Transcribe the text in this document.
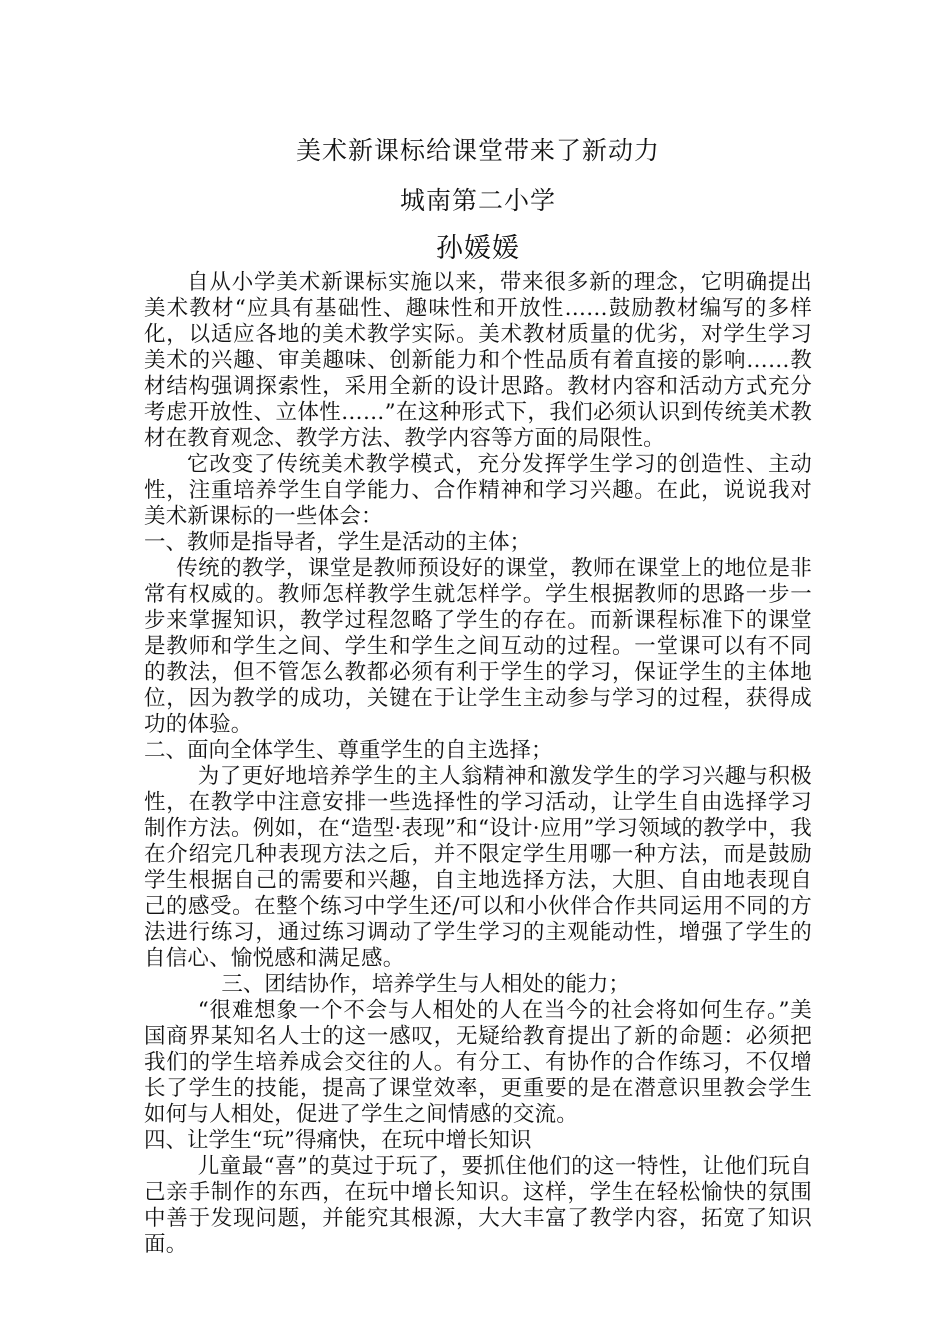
美术新课标给课堂带来了新动力
城南第二小学
孙媛媛

自从小学美术新课标实施以来，带来很多新的理念，它明确提出美术教材“应具有基础性、趣味性和开放性……鼓励教材编写的多样化，以适应各地的美术教学实际。美术教材质量的优劣，对学生学习美术的兴趣、审美趣味、创新能力和个性品质有着直接的影响……教材结构强调探索性，采用全新的设计思路。教材内容和活动方式充分考虑开放性、立体性……”在这种形式下，我们必须认识到传统美术教材在教育观念、教学方法、教学内容等方面的局限性。

它改变了传统美术教学模式，充分发挥学生学习的创造性、主动性，注重培养学生自学能力、合作精神和学习兴趣。在此，说说我对美术新课标的一些体会：

一、教师是指导者，学生是活动的主体；

传统的教学，课堂是教师预设好的课堂，教师在课堂上的地位是非常有权威的。教师怎样教学生就怎样学。学生根据教师的思路一步一步来掌握知识，教学过程忽略了学生的存在。而新课程标准下的课堂是教师和学生之间、学生和学生之间互动的过程。一堂课可以有不同的教法，但不管怎么教都必须有利于学生的学习，保证学生的主体地位，因为教学的成功，关键在于让学生主动参与学习的过程，获得成功的体验。

二、面向全体学生、尊重学生的自主选择；

为了更好地培养学生的主人翁精神和激发学生的学习兴趣与积极性，在教学中注意安排一些选择性的学习活动，让学生自由选择学习制作方法。例如，在“造型·表现”和“设计·应用”学习领域的教学中，我在介绍完几种表现方法之后，并不限定学生用哪一种方法，而是鼓励学生根据自己的需要和兴趣，自主地选择方法，大胆、自由地表现自己的感受。在整个练习中学生还/可以和小伙伴合作共同运用不同的方法进行练习，通过练习调动了学生学习的主观能动性，增强了学生的自信心、愉悦感和满足感。

三、团结协作，培养学生与人相处的能力；

“很难想象一个不会与人相处的人在当今的社会将如何生存。”美国商界某知名人士的这一感叹，无疑给教育提出了新的命题：必须把我们的学生培养成会交往的人。有分工、有协作的合作练习，不仅增长了学生的技能，提高了课堂效率，更重要的是在潜意识里教会学生如何与人相处，促进了学生之间情感的交流。

四、让学生“玩”得痛快，在玩中增长知识

儿童最“喜”的莫过于玩了，要抓住他们的这一特性，让他们玩自己亲手制作的东西，在玩中增长知识。这样，学生在轻松愉快的氛围中善于发现问题，并能究其根源，大大丰富了教学内容，拓宽了知识面。
